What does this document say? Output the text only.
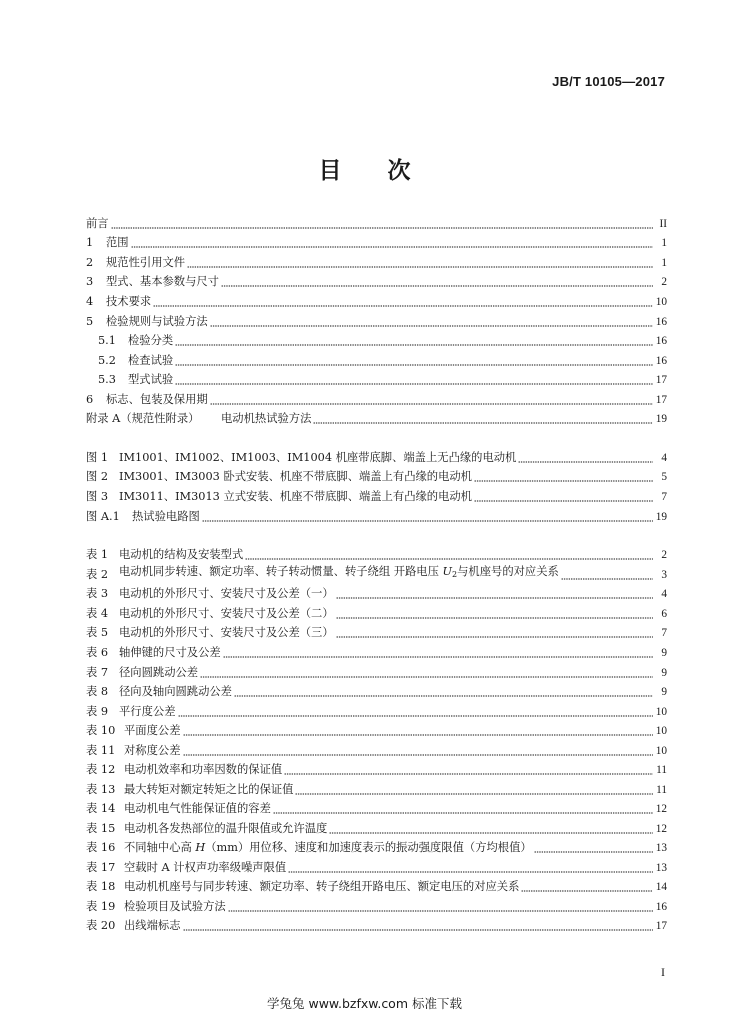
JB/T 10105—2017
目 次
前言	II
1	范围	1
2	规范性引用文件	1
3	型式、基本参数与尺寸	2
4	技术要求	10
5	检验规则与试验方法	16
5.1	检验分类	16
5.2	检查试验	16
5.3	型式试验	17
6	标志、包装及保用期	17
附录 A（规范性附录）	电动机热试验方法	19
图 1 IM1001、IM1002、IM1003、IM1004 机座带底脚、端盖上无凸缘的电动机	4
图 2 IM3001、IM3003 卧式安装、机座不带底脚、端盖上有凸缘的电动机	5
图 3 IM3011、IM3013 立式安装、机座不带底脚、端盖上有凸缘的电动机	7
图 A.1	热试验电路图	19
表 1 电动机的结构及安装型式	2
表 2 电动机同步转速、额定功率、转子转动惯量、转子绕组 开路电压 $U_2$与机座号的对应关系	3
表 3 电动机的外形尺寸、安装尺寸及公差（一）	4
表 4 电动机的外形尺寸、安装尺寸及公差（二）	6
表 5 电动机的外形尺寸、安装尺寸及公差（三）	7
表 6 轴伸键的尺寸及公差	9
表 7 径向圆跳动公差	9
表 8 径向及轴向圆跳动公差	9
表 9 平行度公差	10
表 10 平面度公差	10
表 11 对称度公差	10
表 12 电动机效率和功率因数的保证值	11
表 13 最大转矩对额定转矩之比的保证值	11
表 14 电动机电气性能保证值的容差	12
表 15 电动机各发热部位的温升限值或允许温度	12
表 16 不同轴中心高 H（mm）用位移、速度和加速度表示的振动强度限值（方均根值）	13
表 17 空载时 A 计权声功率级噪声限值	13
表 18 电动机机座号与同步转速、额定功率、转子绕组开路电压、额定电压的对应关系	14
表 19 检验项目及试验方法	16
表 20 出线端标志	17
I
学兔兔 www.bzfxw.com 标准下载
